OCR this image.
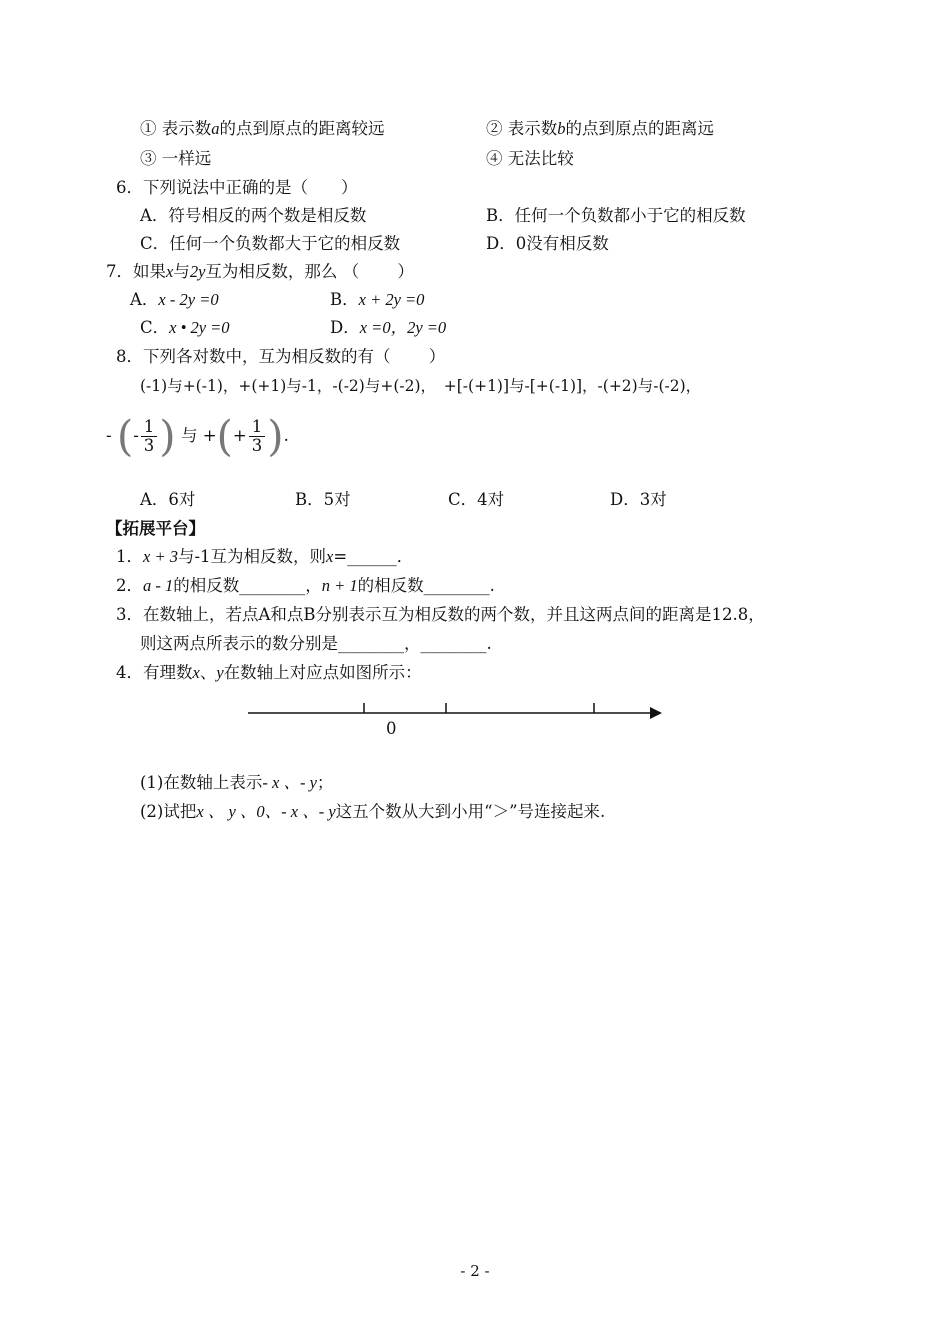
① 表示数a的点到原点的距离较远	② 表示数b的点到原点的距离远
③ 一样远	④ 无法比较
6．下列说法中正确的是（　　）
A．符号相反的两个数是相反数	B．任何一个负数都小于它的相反数
C．任何一个负数都大于它的相反数	D．0没有相反数
7．如果x与2y互为相反数，那么 （　　 ）
A．x - 2y =0	B．x + 2y =0
C．x • 2y =0	D．x =0，2y =0
8．下列各对数中，互为相反数的有（　　 ）
(-1)与+(-1)，+(+1)与-1，-(-2)与+(-2)，　+[-(+1)]与-[+(-1)]，-(+2)与-(-2)，
- (- $\frac{1}{3}$ ) 与 +(+ $\frac{1}{3}$ ).
A．6对	B．5对	C．4对	D．3对
【拓展平台】
1．x + 3与-1互为相反数，则x=______．
2．a - 1的相反数________，n + 1的相反数________.
3．在数轴上，若点A和点B分别表示互为相反数的两个数，并且这两点间的距离是12.8，
则这两点所表示的数分别是________，________.
4．有理数x、y在数轴上对应点如图所示：
0
(1)在数轴上表示- x 、- y；
(2)试把x 、 y 、0、- x 、- y这五个数从大到小用“＞”号连接起来.
- 2 -
